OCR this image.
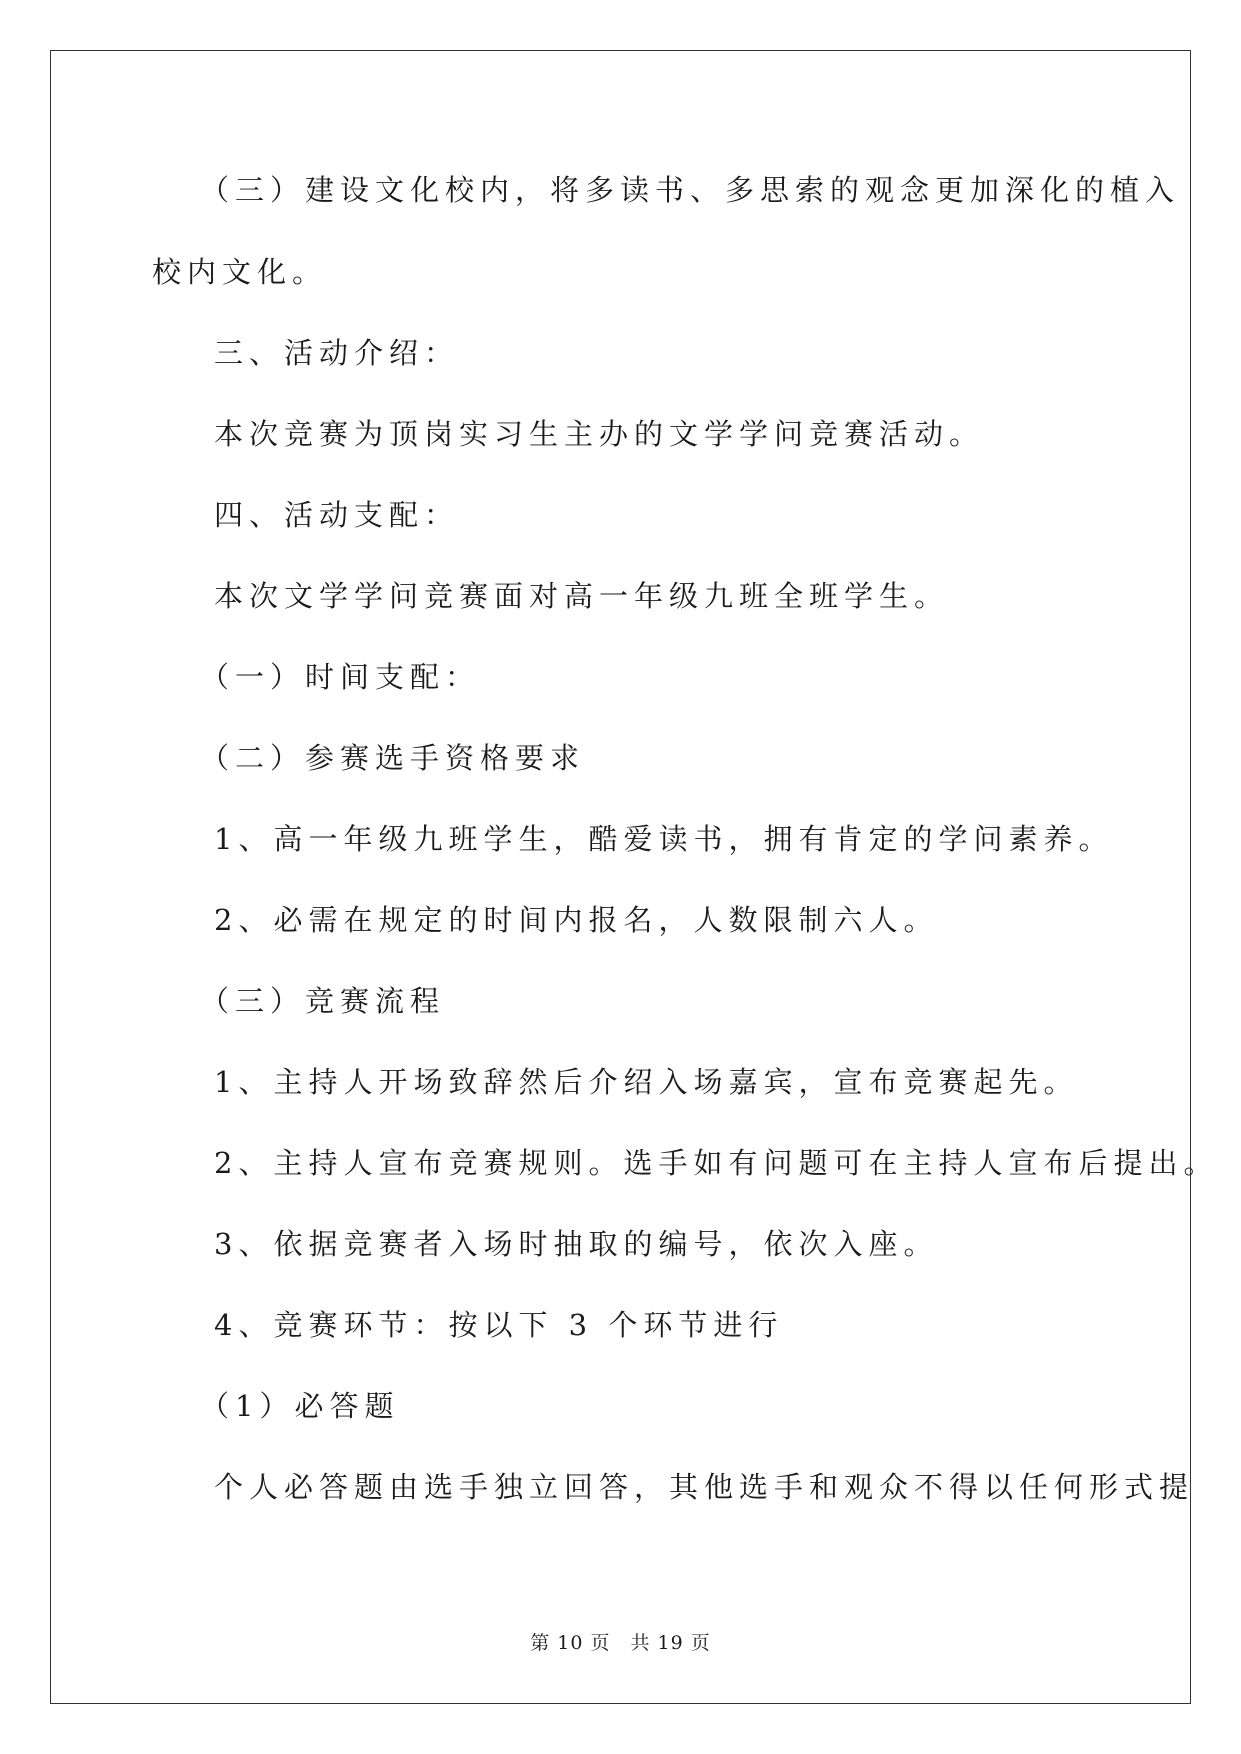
（三）建设文化校内，将多读书、多思索的观念更加深化的植入
校内文化。
三、活动介绍：
本次竞赛为顶岗实习生主办的文学学问竞赛活动。
四、活动支配：
本次文学学问竞赛面对高一年级九班全班学生。
（一）时间支配：
（二）参赛选手资格要求
1、高一年级九班学生，酷爱读书，拥有肯定的学问素养。
2、必需在规定的时间内报名，人数限制六人。
（三）竞赛流程
1、主持人开场致辞然后介绍入场嘉宾，宣布竞赛起先。
2、主持人宣布竞赛规则。选手如有问题可在主持人宣布后提出。
3、依据竞赛者入场时抽取的编号，依次入座。
4、竞赛环节：按以下 3 个环节进行
（1）必答题
个人必答题由选手独立回答，其他选手和观众不得以任何形式提
第 10 页　共 19 页
